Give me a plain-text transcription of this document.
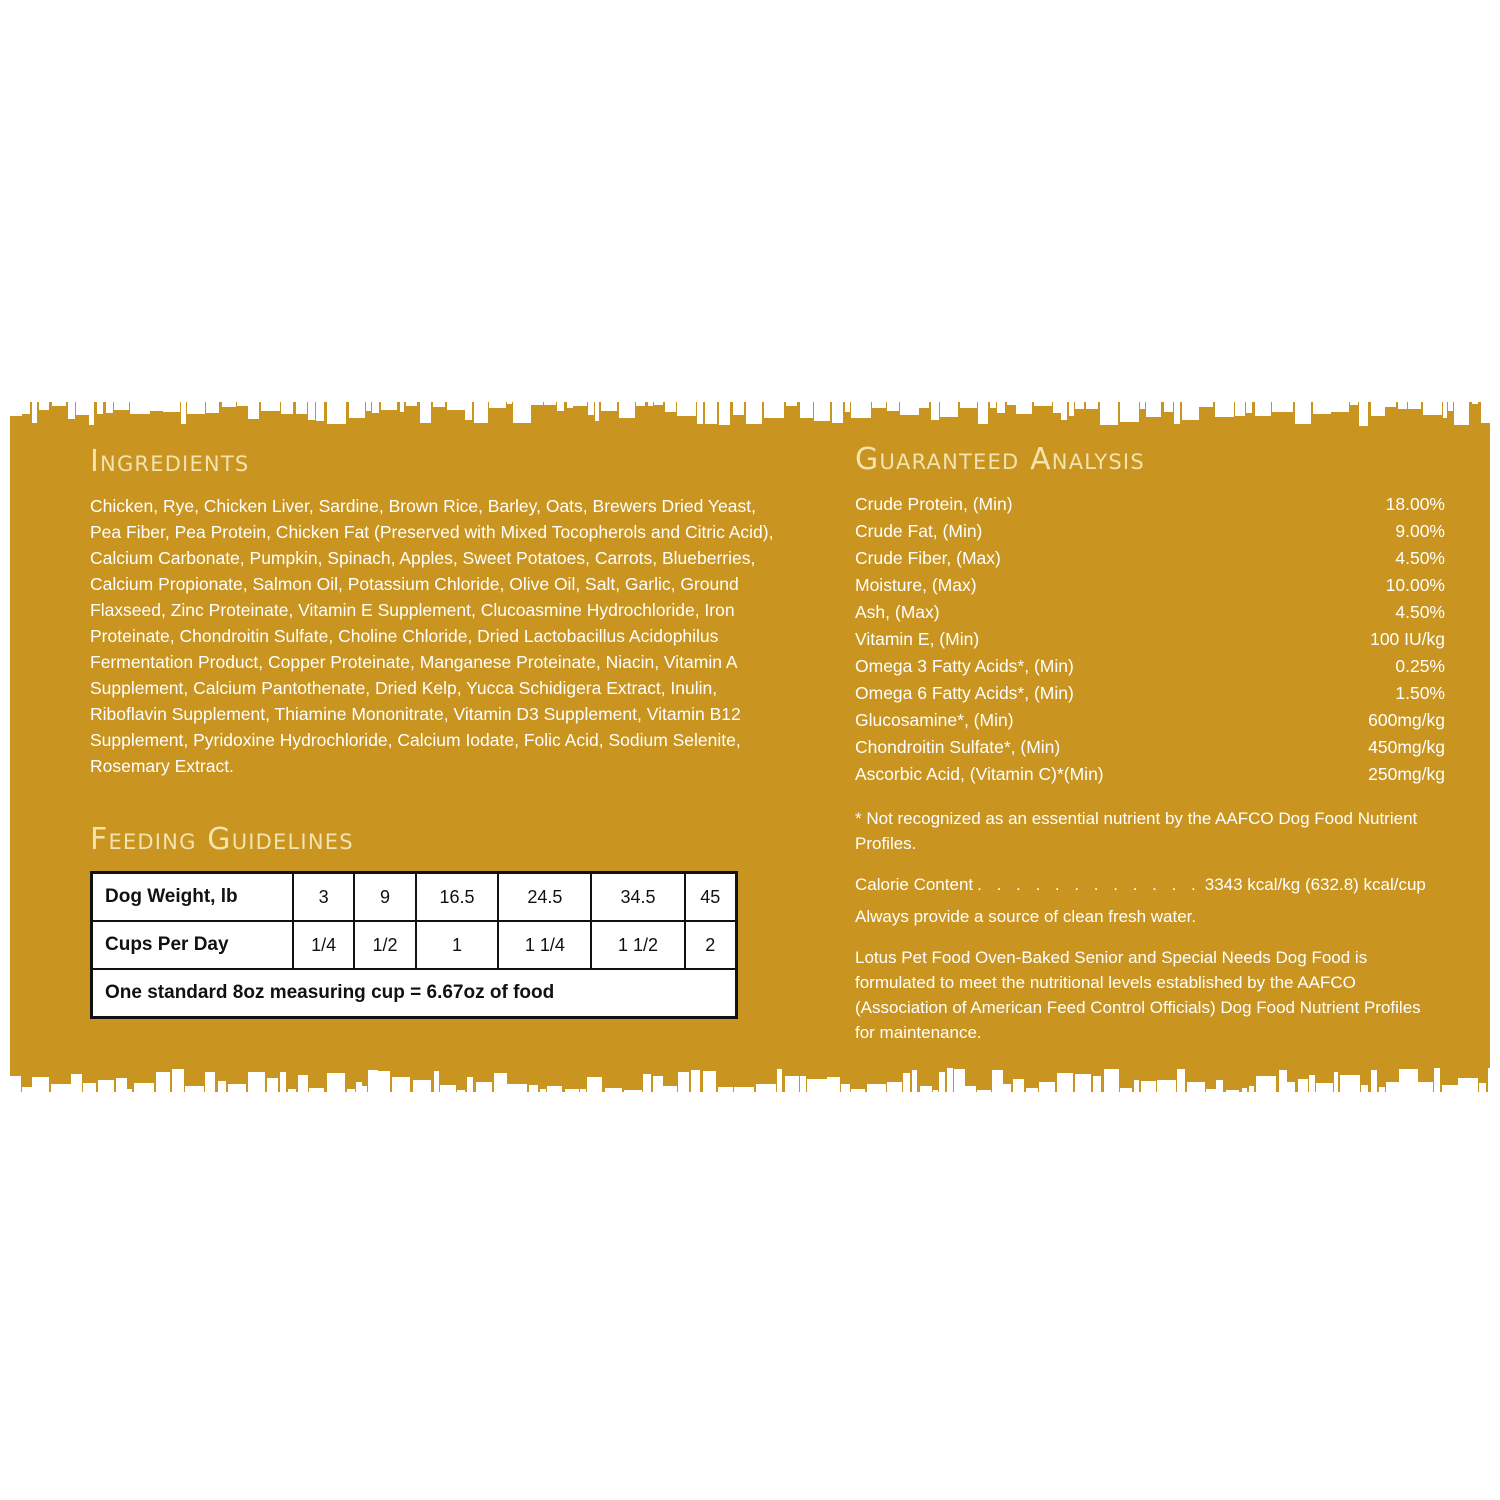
Ingredients

Chicken, Rye, Chicken Liver, Sardine, Brown Rice, Barley, Oats, Brewers Dried Yeast, Pea Fiber, Pea Protein, Chicken Fat (Preserved with Mixed Tocopherols and Citric Acid), Calcium Carbonate, Pumpkin, Spinach, Apples, Sweet Potatoes, Carrots, Blueberries, Calcium Propionate, Salmon Oil, Potassium Chloride, Olive Oil, Salt, Garlic, Ground Flaxseed, Zinc Proteinate, Vitamin E Supplement, Clucoasmine Hydrochloride, Iron Proteinate, Chondroitin Sulfate, Choline Chloride, Dried Lactobacillus Acidophilus Fermentation Product, Copper Proteinate, Manganese Proteinate, Niacin, Vitamin A Supplement, Calcium Pantothenate, Dried Kelp, Yucca Schidigera Extract, Inulin, Riboflavin Supplement, Thiamine Mononitrate, Vitamin D3 Supplement, Vitamin B12 Supplement, Pyridoxine Hydrochloride, Calcium Iodate, Folic Acid, Sodium Selenite, Rosemary Extract.

Feeding Guidelines
Dog Weight, lb	3	9	16.5	24.5	34.5	45
Cups Per Day	1/4	1/2	1	1 1/4	1 1/2	2
One standard 8oz measuring cup = 6.67oz of food						
Guaranteed Analysis
Crude Protein, (Min)	18.00%
Crude Fat, (Min)	9.00%
Crude Fiber, (Max)	4.50%
Moisture, (Max)	10.00%
Ash, (Max)	4.50%
Vitamin E, (Min)	100 IU/kg
Omega 3 Fatty Acids*, (Min)	0.25%
Omega 6 Fatty Acids*, (Min)	1.50%
Glucosamine*, (Min)	600mg/kg
Chondroitin Sulfate*, (Min)	450mg/kg
Ascorbic Acid, (Vitamin C)*(Min)	250mg/kg
* Not recognized as an essential nutrient by the AAFCO Dog Food Nutrient Profiles.
Calorie Content . . . . . . . . . . . . 3343 kcal/kg (632.8) kcal/cup
Always provide a source of clean fresh water.
Lotus Pet Food Oven-Baked Senior and Special Needs Dog Food is formulated to meet the nutritional levels established by the AAFCO (Association of American Feed Control Officials) Dog Food Nutrient Profiles for maintenance.
